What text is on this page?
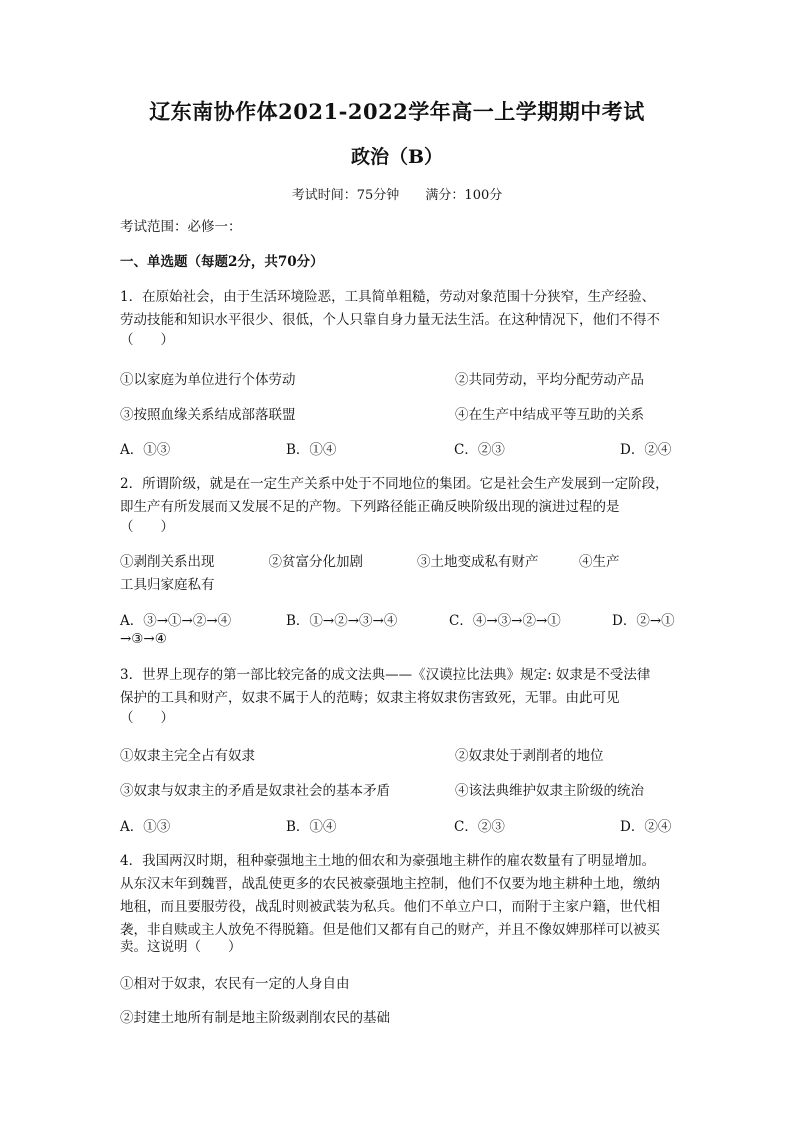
辽东南协作体2021-2022学年高一上学期期中考试
政治（B）
考试时间：75分钟 满分：100分
考试范围：必修一：
一、单选题（每题2分，共70分）
1．在原始社会，由于生活环境险恶，工具简单粗糙，劳动对象范围十分狭窄，生产经验、
劳动技能和知识水平很少、很低，个人只靠自身力量无法生活。在这种情况下，他们不得不
（　　）
①以家庭为单位进行个体劳动	②共同劳动，平均分配劳动产品
③按照血缘关系结成部落联盟	④在生产中结成平等互助的关系
A．①③	B．①④	C．②③	D．②④
2．所谓阶级，就是在一定生产关系中处于不同地位的集团。它是社会生产发展到一定阶段，
即生产有所发展而又发展不足的产物。下列路径能正确反映阶级出现的演进过程的是
（　　）
①剥削关系出现　　　　②贫富分化加剧　　　　③土地变成私有财产　　　④生产
工具归家庭私有
A．③→①→②→④	B．①→②→③→④	C．④→③→②→①	D．②→①
→③→④
3．世界上现存的第一部比较完备的成文法典——《汉谟拉比法典》规定: 奴隶是不受法律
保护的工具和财产，奴隶不属于人的范畴；奴隶主将奴隶伤害致死，无罪。由此可见
（　　）
①奴隶主完全占有奴隶	②奴隶处于剥削者的地位
③奴隶与奴隶主的矛盾是奴隶社会的基本矛盾	④该法典维护奴隶主阶级的统治
A．①③	B．①④	C．②③	D．②④
4．我国两汉时期，租种豪强地主土地的佃农和为豪强地主耕作的雇农数量有了明显增加。
从东汉末年到魏晋，战乱使更多的农民被豪强地主控制，他们不仅要为地主耕种土地，缴纳
地租，而且要服劳役，战乱时则被武装为私兵。他们不单立户口，而附于主家户籍，世代相
袭，非自赎或主人放免不得脱籍。但是他们又都有自己的财产，并且不像奴婢那样可以被买
卖。这说明（　　）
①相对于奴隶，农民有一定的人身自由
②封建土地所有制是地主阶级剥削农民的基础
